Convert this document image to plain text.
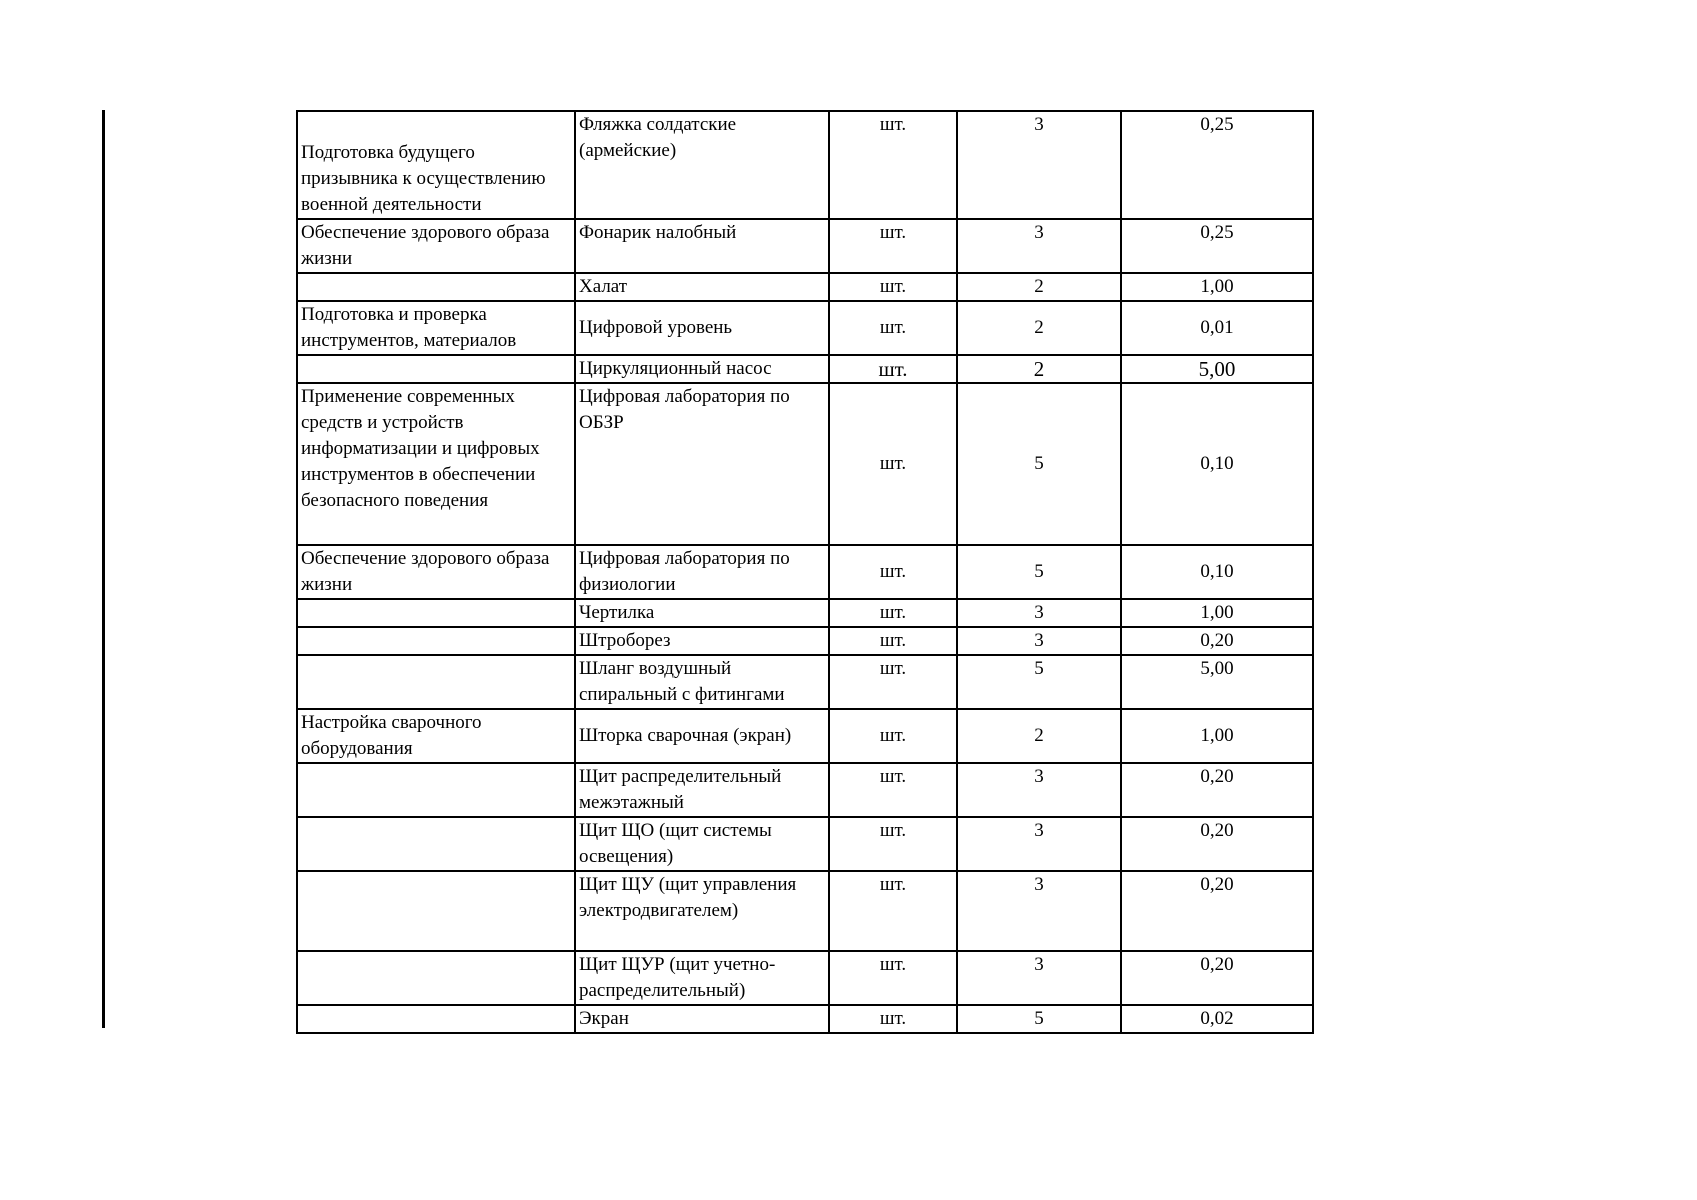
Подготовка будущего призывника к осуществлению военной деятельности	Фляжка солдатские (армейские)	шт.	3	0,25
Обеспечение здорового образа жизни	Фонарик налобный	шт.	3	0,25
	Халат	шт.	2	1,00
Подготовка и проверка инструментов, материалов	Цифровой уровень	шт.	2	0,01
	Циркуляционный насос	шт.	2	5,00
Применение современных средств и устройств информатизации и цифровых инструментов в обеспечении безопасного поведения	Цифровая лаборатория по ОБЗР	шт.	5	0,10
Обеспечение здорового образа жизни	Цифровая лаборатория по физиологии	шт.	5	0,10
	Чертилка	шт.	3	1,00
	Штроборез	шт.	3	0,20
	Шланг воздушный спиральный с фитингами	шт.	5	5,00
Настройка сварочного оборудования	Шторка сварочная (экран)	шт.	2	1,00
	Щит распределительный межэтажный	шт.	3	0,20
	Щит ЩО (щит системы освещения)	шт.	3	0,20
	Щит ЩУ (щит управления электродвигателем)	шт.	3	0,20
	Щит ЩУР (щит учетно-распределительный)	шт.	3	0,20
	Экран	шт.	5	0,02
